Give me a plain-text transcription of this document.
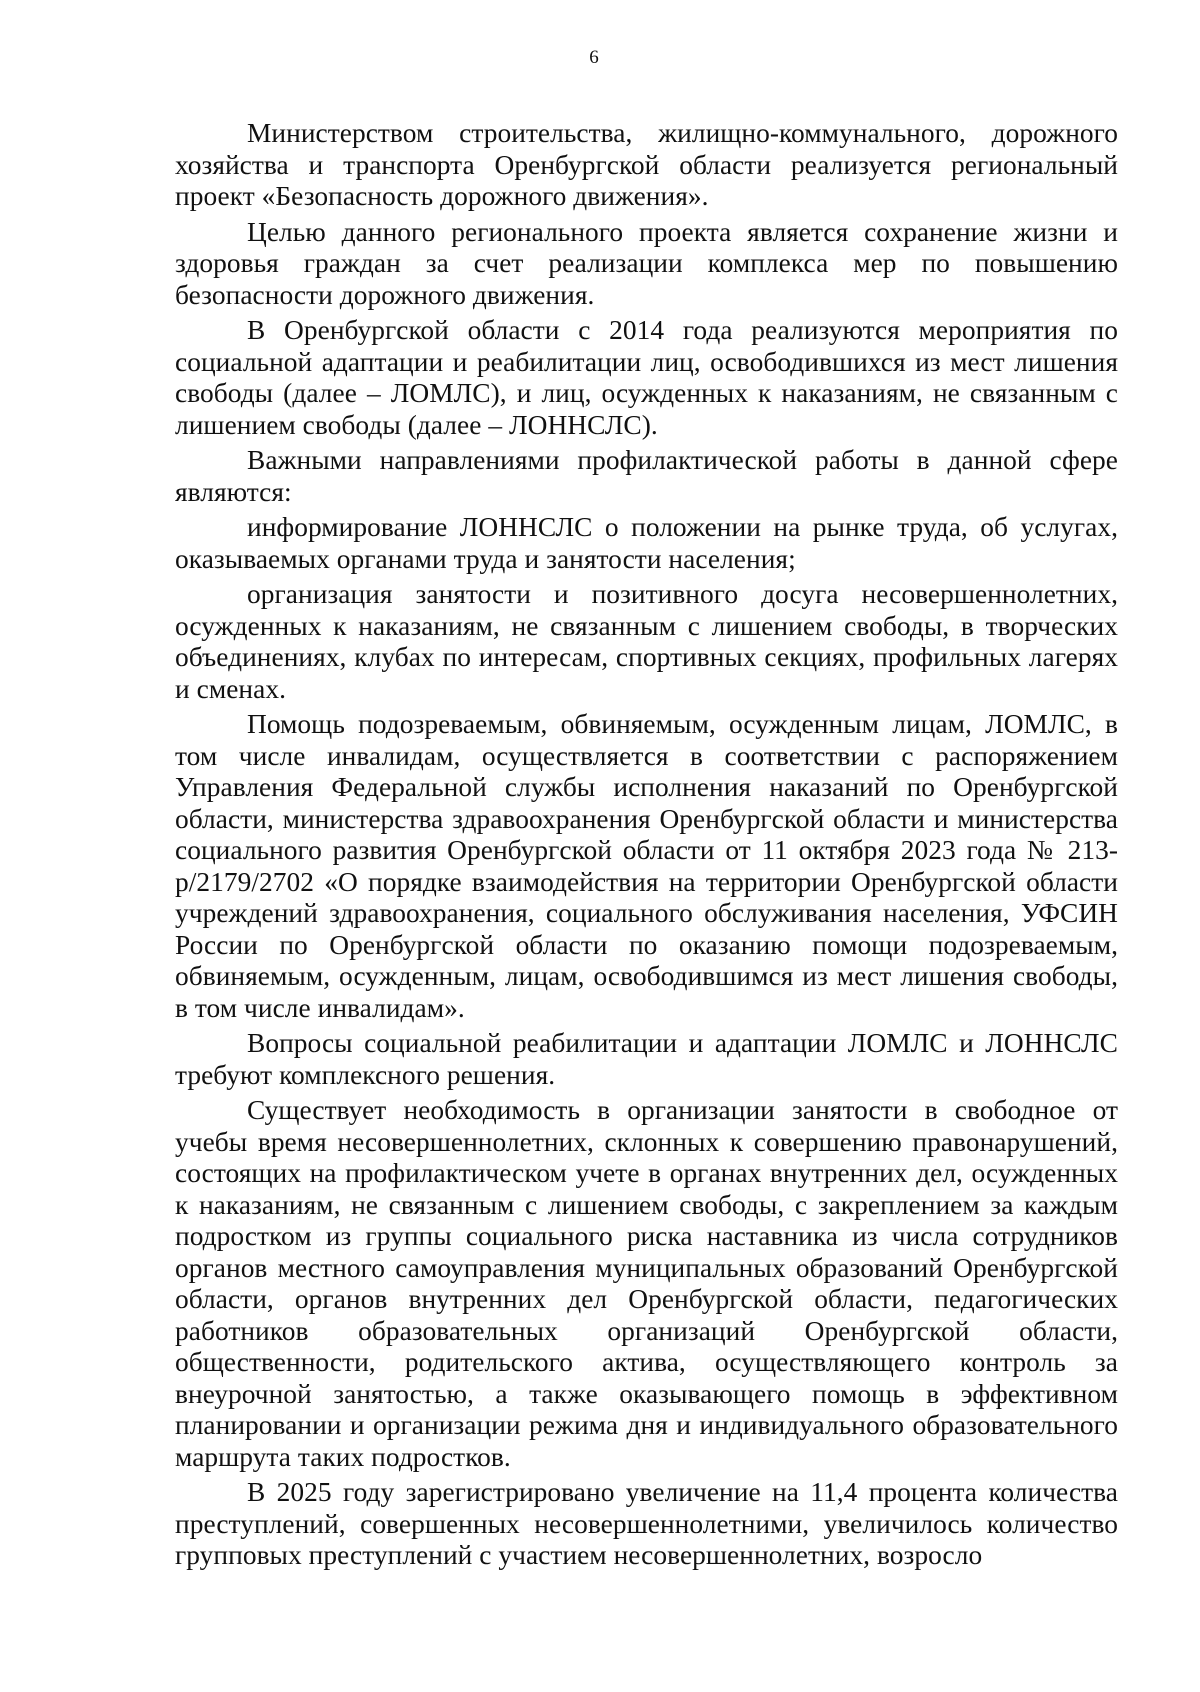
6

Министерством строительства, жилищно-коммунального, дорожного хозяйства и транспорта Оренбургской области реализуется региональный проект «Безопасность дорожного движения».

Целью данного регионального проекта является сохранение жизни и здоровья граждан за счет реализации комплекса мер по повышению безопасности дорожного движения.

В Оренбургской области с 2014 года реализуются мероприятия по социальной адаптации и реабилитации лиц, освободившихся из мест лишения свободы (далее – ЛОМЛС), и лиц, осужденных к наказаниям, не связанным с лишением свободы (далее – ЛОННСЛС).

Важными направлениями профилактической работы в данной сфере являются:

информирование ЛОННСЛС о положении на рынке труда, об услугах, оказываемых органами труда и занятости населения;

организация занятости и позитивного досуга несовершеннолетних, осужденных к наказаниям, не связанным с лишением свободы, в творческих объединениях, клубах по интересам, спортивных секциях, профильных лагерях и сменах.

Помощь подозреваемым, обвиняемым, осужденным лицам, ЛОМЛС, в том числе инвалидам, осуществляется в соответствии с распоряжением Управления Федеральной службы исполнения наказаний по Оренбургской области, министерства здравоохранения Оренбургской области и министерства социального развития Оренбургской области от 11 октября 2023 года № 213-р/2179/2702 «О порядке взаимодействия на территории Оренбургской области учреждений здравоохранения, социального обслуживания населения, УФСИН России по Оренбургской области по оказанию помощи подозреваемым, обвиняемым, осужденным, лицам, освободившимся из мест лишения свободы, в том числе инвалидам».

Вопросы социальной реабилитации и адаптации ЛОМЛС и ЛОННСЛС требуют комплексного решения.

Существует необходимость в организации занятости в свободное от учебы время несовершеннолетних, склонных к совершению правонарушений, состоящих на профилактическом учете в органах внутренних дел, осужденных к наказаниям, не связанным с лишением свободы, с закреплением за каждым подростком из группы социального риска наставника из числа сотрудников органов местного самоуправления муниципальных образований Оренбургской области, органов внутренних дел Оренбургской области, педагогических работников образовательных организаций Оренбургской области, общественности, родительского актива, осуществляющего контроль за внеурочной занятостью, а также оказывающего помощь в эффективном планировании и организации режима дня и индивидуального образовательного маршрута таких подростков.

В 2025 году зарегистрировано увеличение на 11,4 процента количества преступлений, совершенных несовершеннолетними, увеличилось количество групповых преступлений с участием несовершеннолетних, возросло
